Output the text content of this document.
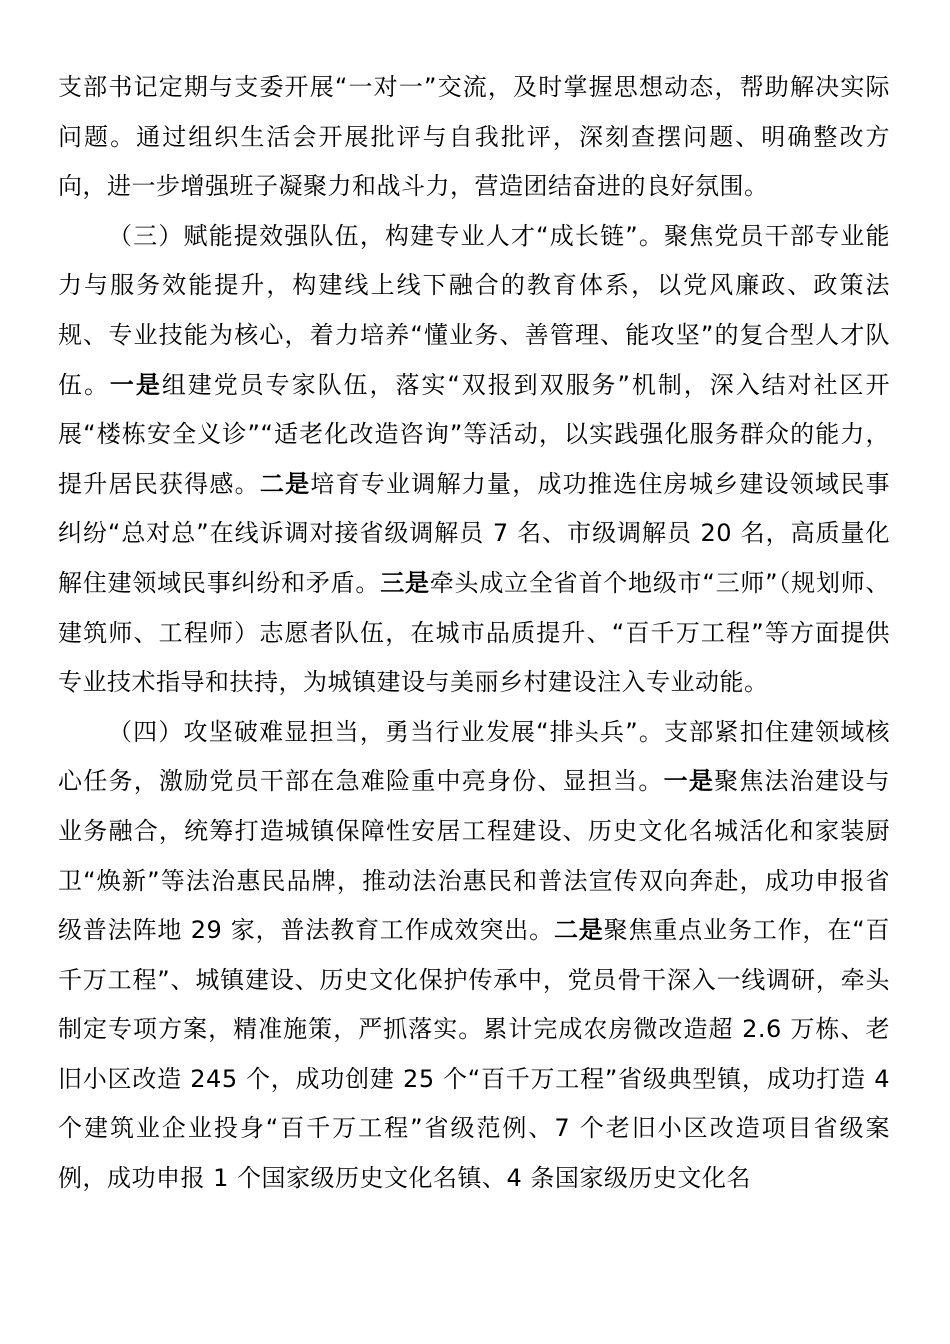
支部书记定期与支委开展“一对一”交流，及时掌握思想动态，帮助解决实际问题。通过组织生活会开展批评与自我批评，深刻查摆问题、明确整改方向，进一步增强班子凝聚力和战斗力，营造团结奋进的良好氛围。

（三）赋能提效强队伍，构建专业人才“成长链”。聚焦党员干部专业能力与服务效能提升，构建线上线下融合的教育体系，以党风廉政、政策法规、专业技能为核心，着力培养“懂业务、善管理、能攻坚”的复合型人才队伍。一是组建党员专家队伍，落实“双报到双服务”机制，深入结对社区开展“楼栋安全义诊”“适老化改造咨询”等活动，以实践强化服务群众的能力，提升居民获得感。二是培育专业调解力量，成功推选住房城乡建设领域民事纠纷“总对总”在线诉调对接省级调解员 7 名、市级调解员 20 名，高质量化解住建领域民事纠纷和矛盾。三是牵头成立全省首个地级市“三师”（规划师、建筑师、工程师）志愿者队伍，在城市品质提升、“百千万工程”等方面提供专业技术指导和扶持，为城镇建设与美丽乡村建设注入专业动能。

（四）攻坚破难显担当，勇当行业发展“排头兵”。支部紧扣住建领域核心任务，激励党员干部在急难险重中亮身份、显担当。一是聚焦法治建设与业务融合，统筹打造城镇保障性安居工程建设、历史文化名城活化和家装厨卫“焕新”等法治惠民品牌，推动法治惠民和普法宣传双向奔赴，成功申报省级普法阵地 29 家，普法教育工作成效突出。二是聚焦重点业务工作，在“百千万工程”、城镇建设、历史文化保护传承中，党员骨干深入一线调研，牵头制定专项方案，精准施策，严抓落实。累计完成农房微改造超 2.6 万栋、老旧小区改造 245 个，成功创建 25 个“百千万工程”省级典型镇，成功打造 4 个建筑业企业投身“百千万工程”省级范例、7 个老旧小区改造项目省级案例，成功申报 1 个国家级历史文化名镇、4 条国家级历史文化名
